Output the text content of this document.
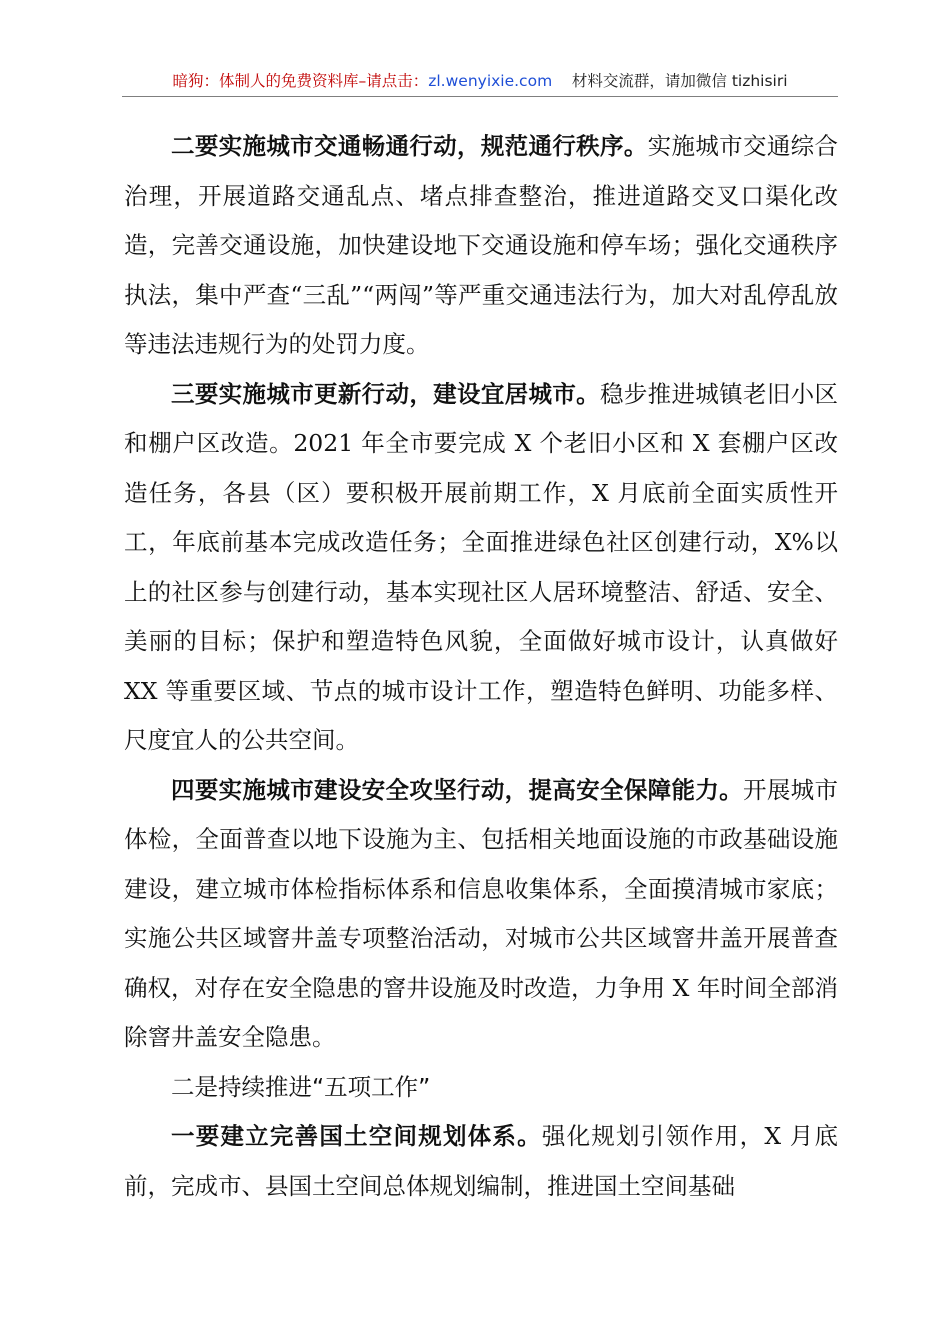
暗狗：体制人的免费资料库–请点击：zl.wenyixie.com 材料交流群，请加微信 tizhisiri

二要实施城市交通畅通行动，规范通行秩序。实施城市交通综合治理，开展道路交通乱点、堵点排查整治，推进道路交叉口渠化改造，完善交通设施，加快建设地下交通设施和停车场；强化交通秩序执法，集中严查“三乱”“两闯”等严重交通违法行为，加大对乱停乱放等违法违规行为的处罚力度。

三要实施城市更新行动，建设宜居城市。稳步推进城镇老旧小区和棚户区改造。2021 年全市要完成 X 个老旧小区和 X 套棚户区改造任务，各县（区）要积极开展前期工作，X 月底前全面实质性开工，年底前基本完成改造任务；全面推进绿色社区创建行动，X%以上的社区参与创建行动，基本实现社区人居环境整洁、舒适、安全、美丽的目标；保护和塑造特色风貌，全面做好城市设计，认真做好 XX 等重要区域、节点的城市设计工作，塑造特色鲜明、功能多样、尺度宜人的公共空间。

四要实施城市建设安全攻坚行动，提高安全保障能力。开展城市体检，全面普查以地下设施为主、包括相关地面设施的市政基础设施建设，建立城市体检指标体系和信息收集体系，全面摸清城市家底；实施公共区域窨井盖专项整治活动，对城市公共区域窨井盖开展普查确权，对存在安全隐患的窨井设施及时改造，力争用 X 年时间全部消除窨井盖安全隐患。

二是持续推进“五项工作”

一要建立完善国土空间规划体系。强化规划引领作用，X 月底前，完成市、县国土空间总体规划编制，推进国土空间基础
